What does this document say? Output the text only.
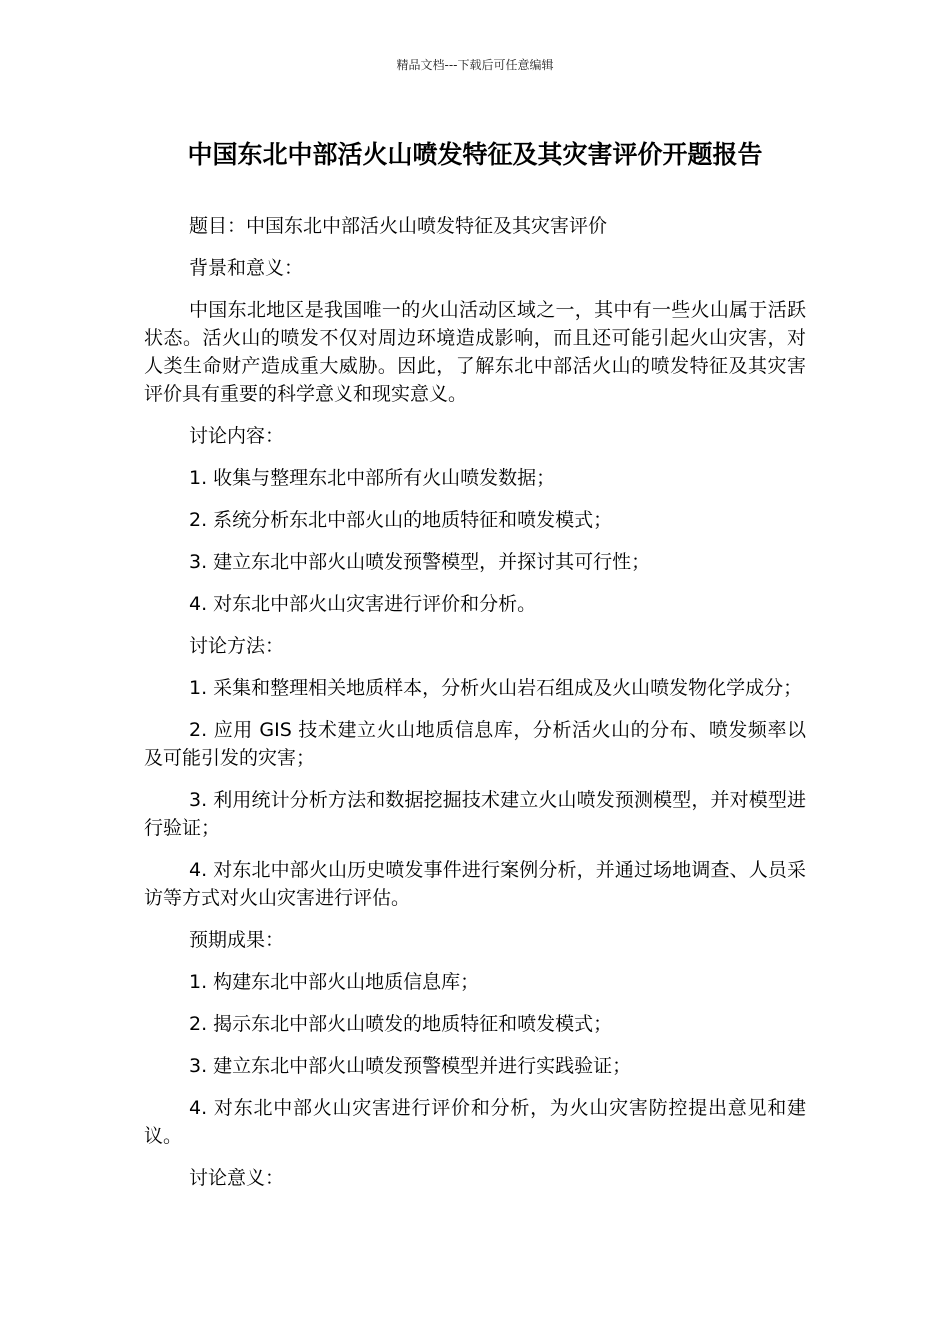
精品文档---下载后可任意编辑
中国东北中部活火山喷发特征及其灾害评价开题报告

题目：中国东北中部活火山喷发特征及其灾害评价

背景和意义：

中国东北地区是我国唯一的火山活动区域之一，其中有一些火山属于活跃状态。活火山的喷发不仅对周边环境造成影响，而且还可能引起火山灾害，对人类生命财产造成重大威胁。因此，了解东北中部活火山的喷发特征及其灾害评价具有重要的科学意义和现实意义。

讨论内容：

1. 收集与整理东北中部所有火山喷发数据；

2. 系统分析东北中部火山的地质特征和喷发模式；

3. 建立东北中部火山喷发预警模型，并探讨其可行性；

4. 对东北中部火山灾害进行评价和分析。

讨论方法：

1. 采集和整理相关地质样本，分析火山岩石组成及火山喷发物化学成分；

2. 应用 GIS 技术建立火山地质信息库，分析活火山的分布、喷发频率以及可能引发的灾害；

3. 利用统计分析方法和数据挖掘技术建立火山喷发预测模型，并对模型进行验证；

4. 对东北中部火山历史喷发事件进行案例分析，并通过场地调查、人员采访等方式对火山灾害进行评估。

预期成果：

1. 构建东北中部火山地质信息库；

2. 揭示东北中部火山喷发的地质特征和喷发模式；

3. 建立东北中部火山喷发预警模型并进行实践验证；

4. 对东北中部火山灾害进行评价和分析，为火山灾害防控提出意见和建议。

讨论意义：
